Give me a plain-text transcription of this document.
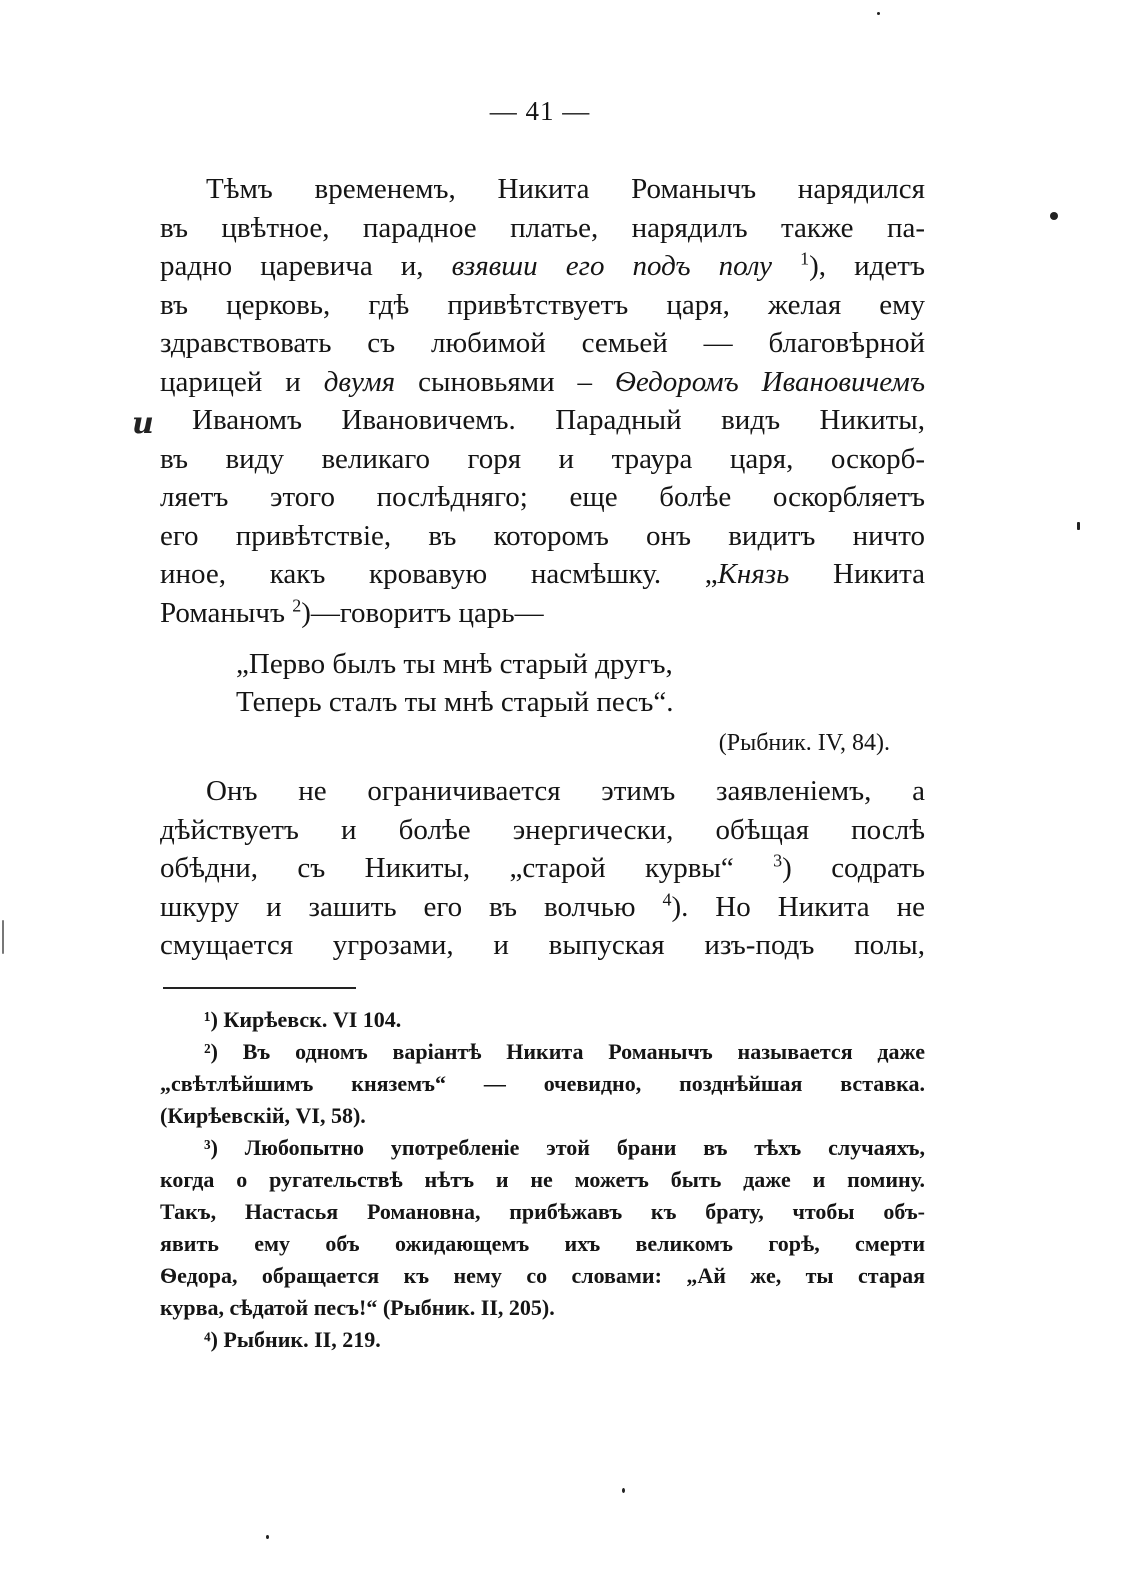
— 41 —
Тѣмъ временемъ, Никита Романычъ нарядился
въ цвѣтное, парадное платье, нарядилъ также па-
радно царевича и, взявши его подъ полу $^1$), идетъ
въ церковь, гдѣ привѣтствуетъ царя, желая ему
здравствовать съ любимой семьей — благовѣрной
царицей и двумя сыновьями – Ѳедоромъ Ивановичемъ
Иваномъ Ивановичемъ. Парадный видъ Никиты,
въ виду великаго горя и траура царя, оскорб-
ляетъ этого послѣдняго; еще болѣе оскорбляетъ
его привѣтствіе, въ которомъ онъ видитъ ничто
иное, какъ кровавую насмѣшку. „Князь Никита
Романычъ $^2$)—говоритъ царь—
и
„Перво былъ ты мнѣ старый другъ,
Теперь сталъ ты мнѣ старый песъ“.
(Рыбник. IV, 84).
Онъ не ограничивается этимъ заявленіемъ, а
дѣйствуетъ и болѣе энергически, обѣщая послѣ
обѣдни, съ Никиты, „старой курвы“ $^3$) содрать
шкуру и зашить его въ волчью $^4$). Но Никита не
смущается угрозами, и выпуская изъ-подъ полы,
¹) Кирѣевск. VI 104.
²) Въ одномъ варіантѣ Никита Романычъ называется даже
„свѣтлѣйшимъ княземъ“ — очевидно, позднѣйшая вставка.
(Кирѣевскій, VI, 58).
³) Любопытно употребленіе этой брани въ тѣхъ случаяхъ,
когда о ругательствѣ нѣтъ и не можетъ быть даже и помину.
Такъ, Настасья Романовна, прибѣжавъ къ брату, чтобы объ-
явить ему объ ожидающемъ ихъ великомъ горѣ, смерти
Ѳедора, обращается къ нему со словами: „Ай же, ты старая
курва, сѣдатой песъ!“ (Рыбник. II, 205).
⁴) Рыбник. II, 219.
